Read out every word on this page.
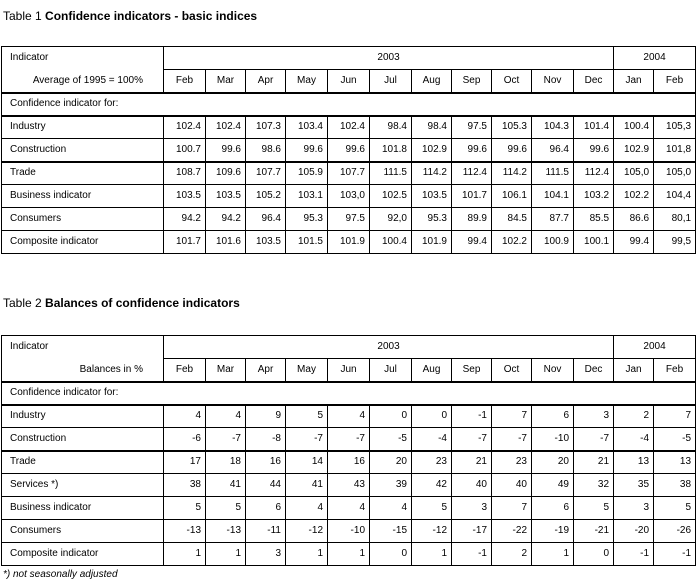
Table 1 Confidence indicators - basic indices
Indicator	2003											2004	
Average of 1995 = 100%	Feb	Mar	Apr	May	Jun	Jul	Aug	Sep	Oct	Nov	Dec	Jan	Feb
Confidence indicator for:													
Industry	102.4	102.4	107.3	103.4	102.4	98.4	98.4	97.5	105.3	104.3	101.4	100.4	105,3
Construction	100.7	99.6	98.6	99.6	99.6	101.8	102.9	99.6	99.6	96.4	99.6	102.9	101,8
Trade	108.7	109.6	107.7	105.9	107.7	111.5	114.2	112.4	114.2	111.5	112.4	105,0	105,0
Business indicator	103.5	103.5	105.2	103.1	103,0	102.5	103.5	101.7	106.1	104.1	103.2	102.2	104,4
Consumers	94.2	94.2	96.4	95.3	97.5	92,0	95.3	89.9	84.5	87.7	85.5	86.6	80,1
Composite indicator	101.7	101.6	103.5	101.5	101.9	100.4	101.9	99.4	102.2	100.9	100.1	99.4	99,5
Table 2 Balances of confidence indicators
Indicator	2003											2004	
Balances in %	Feb	Mar	Apr	May	Jun	Jul	Aug	Sep	Oct	Nov	Dec	Jan	Feb
Confidence indicator for:													
Industry	4	4	9	5	4	0	0	-1	7	6	3	2	7
Construction	-6	-7	-8	-7	-7	-5	-4	-7	-7	-10	-7	-4	-5
Trade	17	18	16	14	16	20	23	21	23	20	21	13	13
Services *)	38	41	44	41	43	39	42	40	40	49	32	35	38
Business indicator	5	5	6	4	4	4	5	3	7	6	5	3	5
Consumers	-13	-13	-11	-12	-10	-15	-12	-17	-22	-19	-21	-20	-26
Composite indicator	1	1	3	1	1	0	1	-1	2	1	0	-1	-1
*) not seasonally adjusted
